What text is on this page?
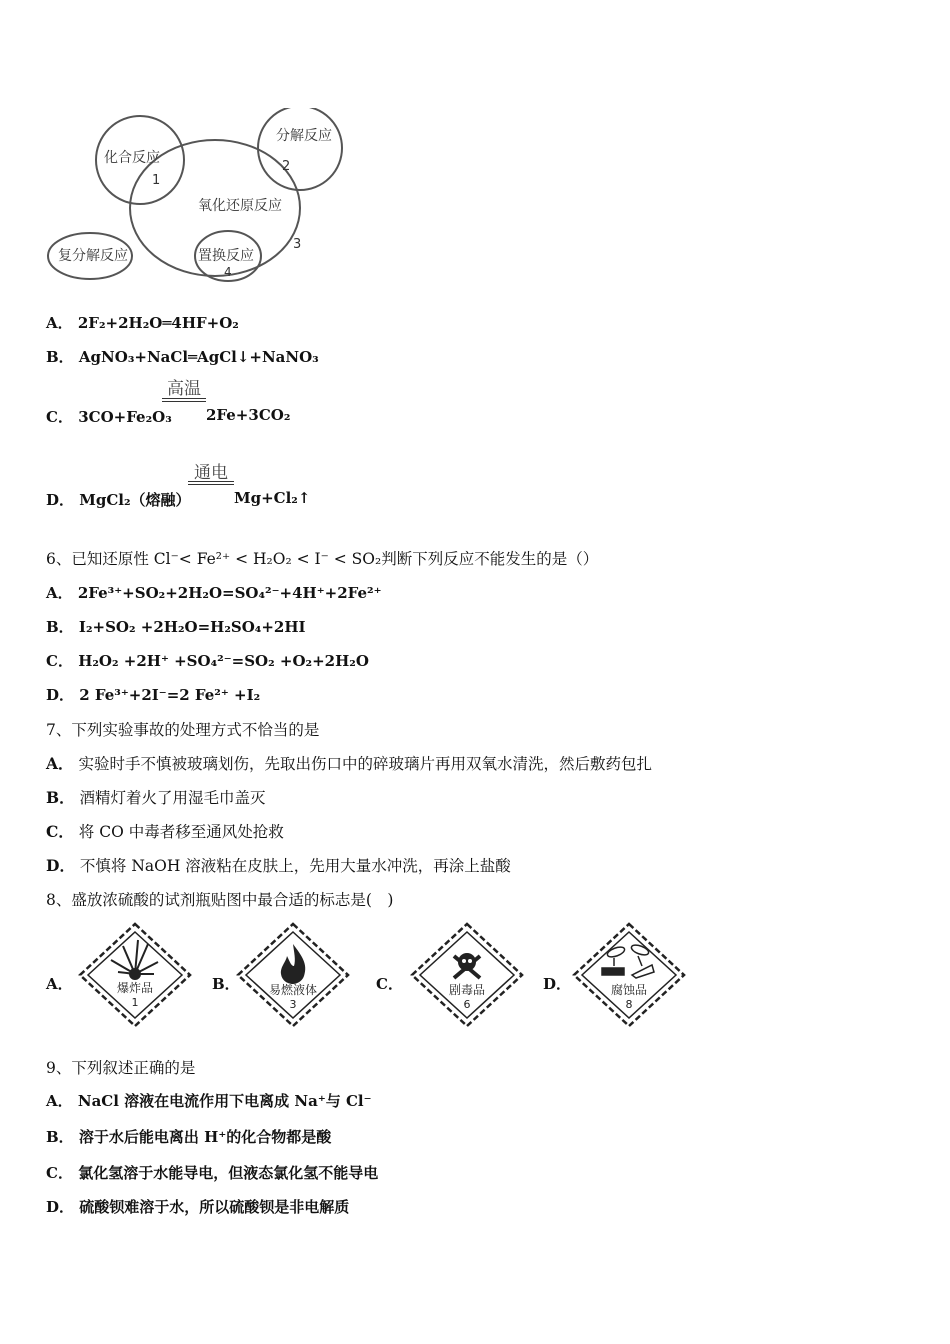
化合反应
1
分解反应
2
氧化还原反应
3
复分解反应	置换反应
4
A． 2F₂+2H₂O═4HF+O₂
B． AgNO₃+NaCl═AgCl↓+NaNO₃
C． 3CO+Fe₂O₃
高温
2Fe+3CO₂
D． MgCl₂（熔融）
通电
Mg+Cl₂↑
6、已知还原性 Cl⁻< Fe²⁺ < H₂O₂ < I⁻ < SO₂判断下列反应不能发生的是（）
A． 2Fe³⁺+SO₂+2H₂O=SO₄²⁻+4H⁺+2Fe²⁺
B． I₂+SO₂ +2H₂O=H₂SO₄+2HI
C． H₂O₂ +2H⁺ +SO₄²⁻=SO₂ +O₂+2H₂O
D． 2 Fe³⁺+2I⁻=2 Fe²⁺ +I₂
7、下列实验事故的处理方式不恰当的是
A． 实验时手不慎被玻璃划伤，先取出伤口中的碎玻璃片再用双氧水清洗，然后敷药包扎
B． 酒精灯着火了用湿毛巾盖灭
C． 将 CO 中毒者移至通风处抢救
D． 不慎将 NaOH 溶液粘在皮肤上，先用大量水冲洗，再涂上盐酸
8、盛放浓硫酸的试剂瓶贴图中最合适的标志是(　)
A．	爆炸品
1
B． 易燃液体
3
C．	剧毒品
6
D．	腐蚀品
8
9、下列叙述正确的是
A． NaCl 溶液在电流作用下电离成 Na⁺与 Cl⁻
B． 溶于水后能电离出 H⁺的化合物都是酸
C． 氯化氢溶于水能导电，但液态氯化氢不能导电
D． 硫酸钡难溶于水，所以硫酸钡是非电解质
